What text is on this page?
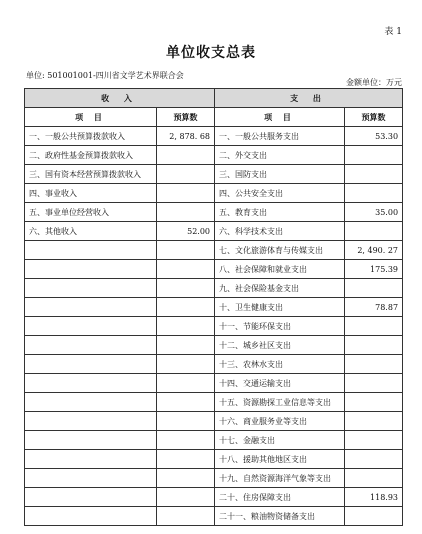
表 1
单位收支总表
单位: 501001001-四川省文学艺术界联合会
金额单位：万元
收 入		支 出	
项 目	预算数	项 目	预算数
一、一般公共预算拨款收入	2, 878. 68	一、一般公共服务支出	53.30
二、政府性基金预算拨款收入		二、外交支出	
三、国有资本经营预算拨款收入		三、国防支出	
四、事业收入		四、公共安全支出	
五、事业单位经营收入		五、教育支出	35.00
六、其他收入	52.00	六、科学技术支出	
		七、文化旅游体育与传媒支出	2, 490. 27
		八、社会保障和就业支出	175.39
		九、社会保险基金支出	
		十、卫生健康支出	78.87
		十一、节能环保支出	
		十二、城乡社区支出	
		十三、农林水支出	
		十四、交通运输支出	
		十五、资源勘探工业信息等支出	
		十六、商业服务业等支出	
		十七、金融支出	
		十八、援助其他地区支出	
		十九、自然资源海洋气象等支出	
		二十、住房保障支出	118.93
		二十一、粮油物资储备支出	
